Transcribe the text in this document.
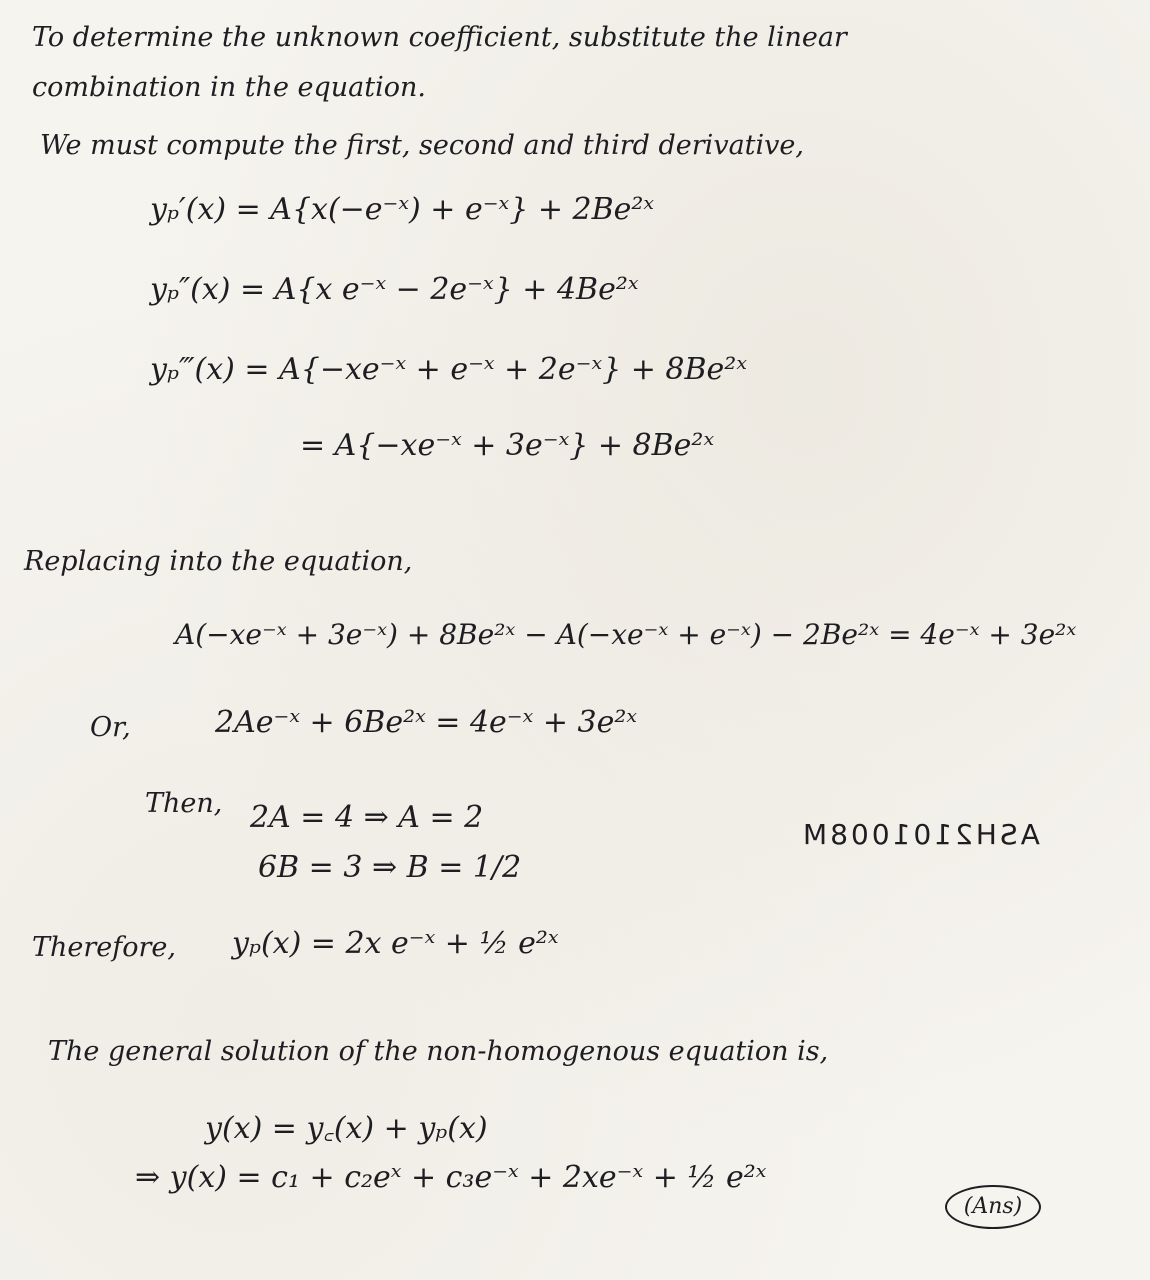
To determine the unknown coefficient, substitute the linear
combination in the equation.
We must compute the first, second and third derivative,
yₚ′(x) = A{x(−e⁻ˣ) + e⁻ˣ} + 2Be²ˣ
yₚ″(x) = A{x e⁻ˣ − 2e⁻ˣ} + 4Be²ˣ
yₚ‴(x) = A{−xe⁻ˣ + e⁻ˣ + 2e⁻ˣ} + 8Be²ˣ
= A{−xe⁻ˣ + 3e⁻ˣ} + 8Be²ˣ
Replacing into the equation,
A(−xe⁻ˣ + 3e⁻ˣ) + 8Be²ˣ − A(−xe⁻ˣ + e⁻ˣ) − 2Be²ˣ = 4e⁻ˣ + 3e²ˣ
Or,	2Ae⁻ˣ + 6Be²ˣ = 4e⁻ˣ + 3e²ˣ
Then, 2A = 4 ⇒ A = 2
6B = 3 ⇒ B = 1/2
ASH2101008M
Therefore, yₚ(x) = 2x e⁻ˣ + ½ e²ˣ
The general solution of the non-homogenous equation is,
y(x) = y꜀(x) + yₚ(x)
⇒ y(x) = c₁ + c₂eˣ + c₃e⁻ˣ + 2xe⁻ˣ + ½ e²ˣ
(Ans)
